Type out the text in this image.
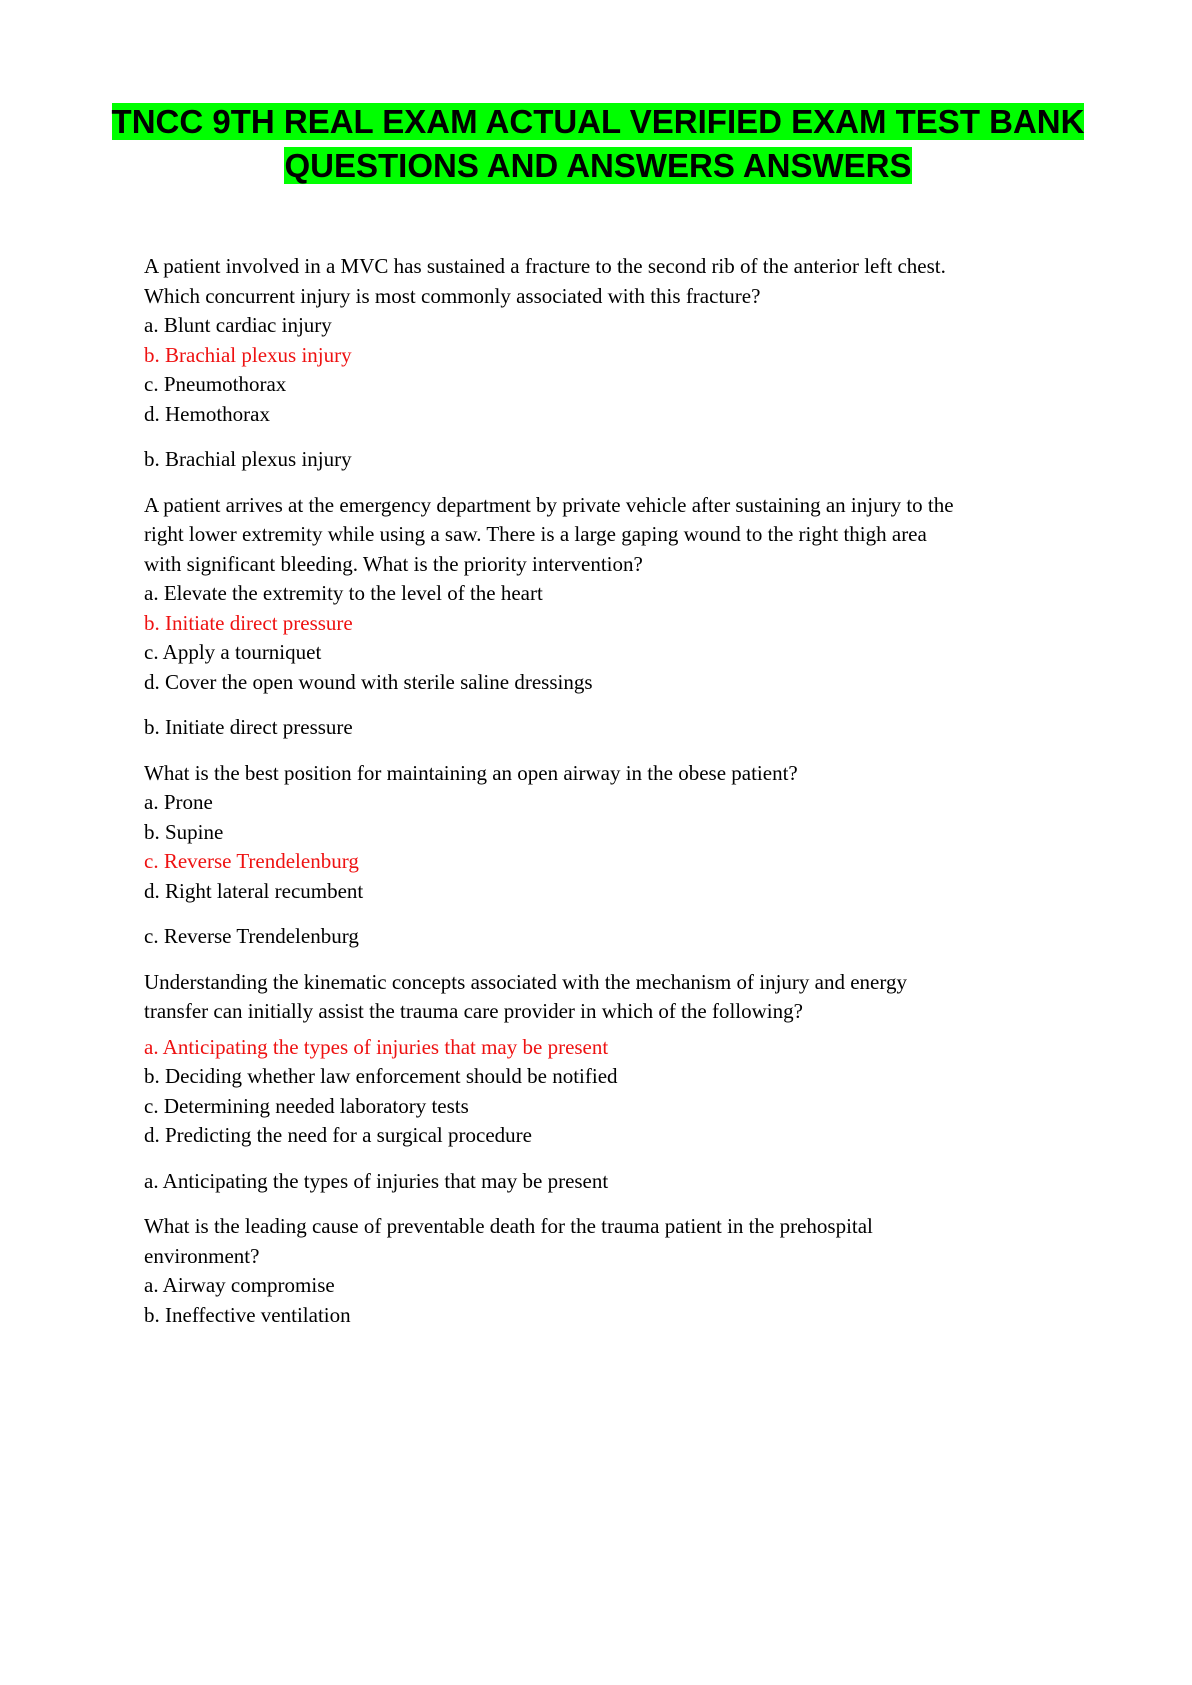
TNCC 9TH REAL EXAM ACTUAL VERIFIED EXAM TEST BANK
QUESTIONS AND ANSWERS ANSWERS

A patient involved in a MVC has sustained a fracture to the second rib of the anterior left chest.

Which concurrent injury is most commonly associated with this fracture?

a. Blunt cardiac injury

b. Brachial plexus injury

c. Pneumothorax

d. Hemothorax

b. Brachial plexus injury

A patient arrives at the emergency department by private vehicle after sustaining an injury to the

right lower extremity while using a saw. There is a large gaping wound to the right thigh area

with significant bleeding. What is the priority intervention?

a. Elevate the extremity to the level of the heart

b. Initiate direct pressure

c. Apply a tourniquet

d. Cover the open wound with sterile saline dressings

b. Initiate direct pressure

What is the best position for maintaining an open airway in the obese patient?

a. Prone

b. Supine

c. Reverse Trendelenburg

d. Right lateral recumbent

c. Reverse Trendelenburg

Understanding the kinematic concepts associated with the mechanism of injury and energy

transfer can initially assist the trauma care provider in which of the following?

a. Anticipating the types of injuries that may be present

b. Deciding whether law enforcement should be notified

c. Determining needed laboratory tests

d. Predicting the need for a surgical procedure

a. Anticipating the types of injuries that may be present

What is the leading cause of preventable death for the trauma patient in the prehospital

environment?

a. Airway compromise

b. Ineffective ventilation
